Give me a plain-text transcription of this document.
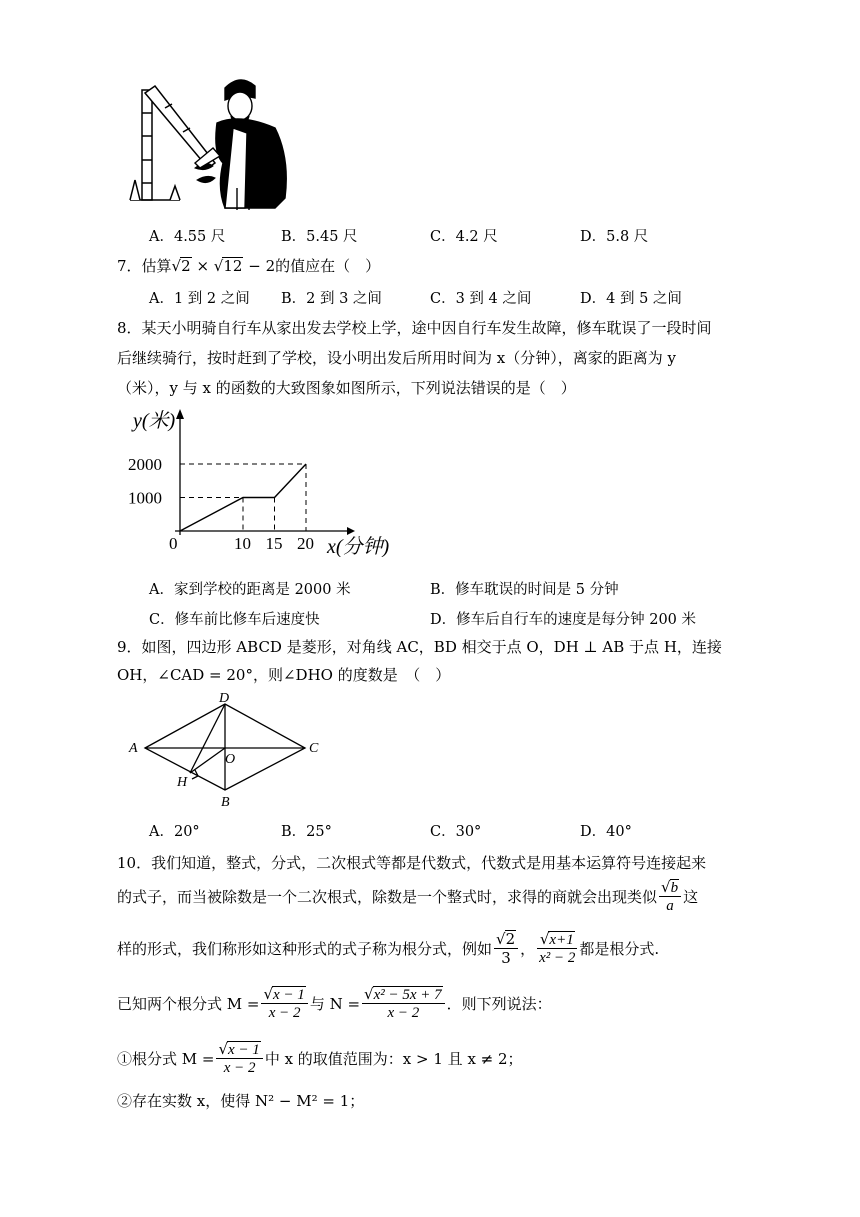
A．4.55 尺	B．5.45 尺	C．4.2 尺	D．5.8 尺
7．估算√2 × √12 − 2的值应在（　）
A．1 到 2 之间 B．2 到 3 之间	C．3 到 4 之间	D．4 到 5 之间
8．某天小明骑自行车从家出发去学校上学，途中因自行车发生故障，修车耽误了一段时间
后继续骑行，按时赶到了学校，设小明出发后所用时间为 x（分钟），离家的距离为 y
（米），y 与 x 的函数的大致图象如图所示，下列说法错误的是（　）
y(米)
x(分钟)
0	10 15 20
1000
2000
A．家到学校的距离是 2000 米	B．修车耽误的时间是 5 分钟
C．修车前比修车后速度快	D．修车后自行车的速度是每分钟 200 米
9．如图，四边形 ABCD 是菱形，对角线 AC，BD 相交于点 O，DH ⊥ AB 于点 H，连接
OH，∠CAD = 20°，则∠DHO 的度数是　（　）
A
D
C
B
O
H
A．20°	B．25°	C．30°	D．40°
10．我们知道，整式，分式，二次根式等都是代数式，代数式是用基本运算符号连接起来
的式子，而当被除数是一个二次根式，除数是一个整式时，求得的商就会出现类似 $\frac{√b}{a}$ 这
样的形式，我们称形如这种形式的式子称为根分式，例如 $\frac{√2}{3}$ ， $\frac{√x+1}{\text{x² − 2}}$ 都是根分式.
已知两个根分式 $M = \frac{√x - 1}{x - 2}$ 与 $N = \frac{\text{√x² − 5x + 7}}{x - 2}$ ．则下列说法：
①根分式 $M = \frac{√x - 1}{x - 2}$ 中 x 的取值范围为：x > 1 且 x ≠ 2；
②存在实数 x，使得 N² − M² = 1；
